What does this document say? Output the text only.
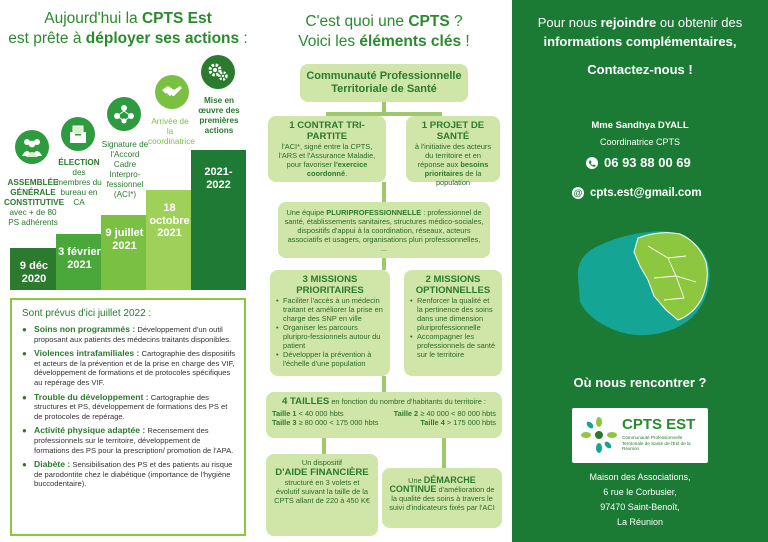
Aujourd'hui la CPTS Est
est prête à déployer ses actions :
9 déc
2020
3 février
2021
9 juillet
2021
18 octobre
2021
2021-
2022
ASSEMBLÉE GÉNÉRALE CONSTITUTIVE
avec + de 80 PS adhérents
ÉLECTION
des membres du bureau en CA
Signature de l'Accord Cadre Interpro-fessionnel (ACI*)
Arrivée de la coordinatrice
Mise en œuvre des premières actions
Sont prévus d'ici juillet 2022 :
● Soins non programmés : Développement d'un outil proposant aux patients des médecins traitants disponibles.
● Violences intrafamiliales : Cartographie des dispositifs et acteurs de la prévention et de la prise en charge des VIF, développement de formations et de protocoles spécifiques au repérage des VIF.
● Trouble du développement : Cartographie des structures et PS, développement de formations des PS et de protocoles de repérage.
● Activité physique adaptée : Recensement des professionnels sur le territoire, développement de formations des PS pour la prescription/ promotion de l'APA.
● Diabète : Sensibilisation des PS et des patients au risque de parodontite chez le diabétique (importance de l'hygiène buccodentaire).
C'est quoi une CPTS ?
Voici les éléments clés !
Communauté Professionnelle Territoriale de Santé
1 CONTRAT TRI-PARTITE
l'ACI*, signé entre la CPTS, l'ARS et l'Assurance Maladie, pour favoriser l'exercice coordonné.
1 PROJET DE SANTÉ
à l'initiative des acteurs du territoire et en réponse aux besoins prioritaires de la population
Une équipe PLURIPROFESSIONNELLE : professionnel de santé, établissements sanitaires, structures médico-sociales, dispositifs d'appui à la coordination, réseaux, acteurs associatifs et usagers, organisations pluri professionnelles, ...
3 MISSIONS PRIORITAIRES
• Faciliter l'accès à un médecin traitant et améliorer la prise en charge des SNP en ville
• Organiser les parcours pluripro-fessionnels autour du patient
• Développer la prévention à l'échelle d'une population
2 MISSIONS OPTIONNELLES
• Renforcer la qualité et la pertinence des soins dans une dimension pluriprofessionnelle
• Accompagner les professionnels de santé sur le territoire
4 TAILLES en fonction du nombre d'habitants du territoire :
Taille 1 < 40 000 hbts	Taille 2 ≥ 40 000 < 80 000 hbts
Taille 3 ≥ 80 000 < 175 000 hbts	Taille 4 > 175 000 hbts
Un dispositif
D'AIDE FINANCIÈRE
structuré en 3 volets et évolutif suivant la taille de la CPTS allant de 220 à 450 K€
Une DÉMARCHE CONTINUE d'amélioration de la qualité des soins à travers le suivi d'indicateurs fixés par l'ACI
Pour nous rejoindre ou obtenir des
informations complémentaires,
Contactez-nous !
Mme Sandhya DYALL
Coordinatrice CPTS
06 93 88 00 69
@ cpts.est@gmail.com
Où nous rencontrer ?
CPTS EST
Communauté Professionnelle Territoriale de Santé de l'Est de la Réunion
Maison des Associations,
6 rue le Corbusier,
97470 Saint-Benoît,
La Réunion
